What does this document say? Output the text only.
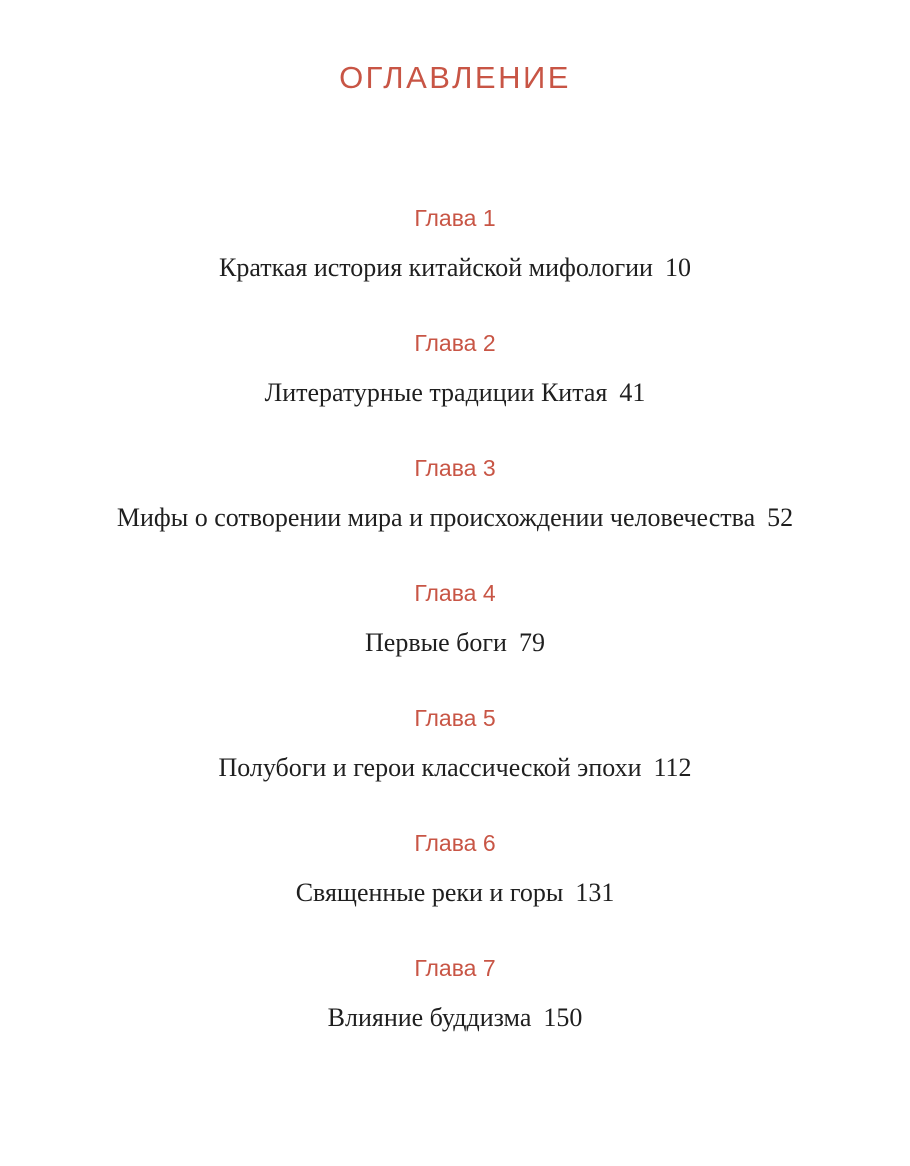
ОГЛАВЛЕНИЕ
Глава 1
Краткая история китайской мифологии 10
Глава 2
Литературные традиции Китая 41
Глава 3
Мифы о сотворении мира и происхождении человечества 52
Глава 4
Первые боги 79
Глава 5
Полубоги и герои классической эпохи 112
Глава 6
Священные реки и горы 131
Глава 7
Влияние буддизма 150
